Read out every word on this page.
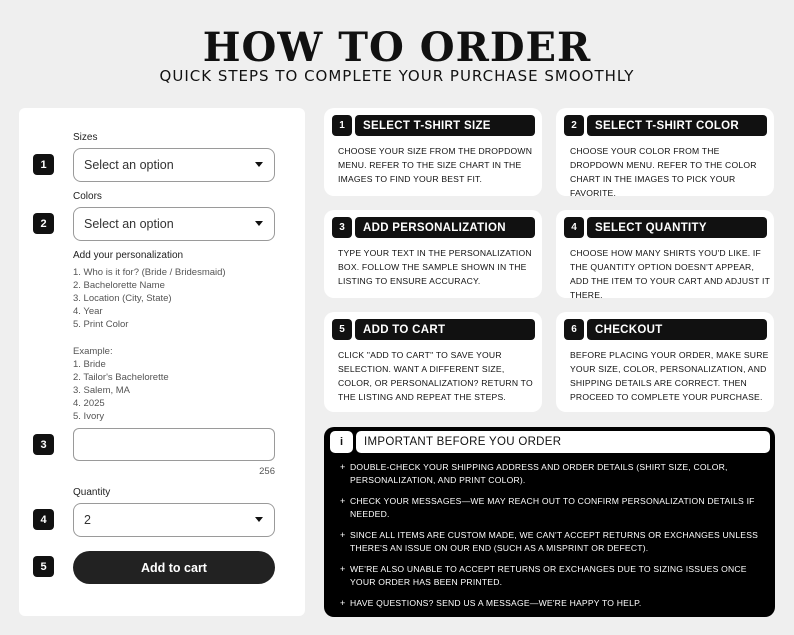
HOW TO ORDER
QUICK STEPS TO COMPLETE YOUR PURCHASE SMOOTHLY
1
Sizes
Select an option
2
Colors
Select an option
Add your personalization
1. Who is it for? (Bride / Bridesmaid)
2. Bachelorette Name
3. Location (City, State)
4. Year
5. Print Color
Example:
1. Bride
2. Tailor's Bachelorette
3. Salem, MA
4. 2025
5. Ivory
3
256
4
Quantity
2
5	Add to cart
1	SELECT T-SHIRT SIZE
CHOOSE YOUR SIZE FROM THE DROPDOWN MENU. REFER TO THE SIZE CHART IN THE IMAGES TO FIND YOUR BEST FIT.
2	SELECT T-SHIRT COLOR
CHOOSE YOUR COLOR FROM THE DROPDOWN MENU. REFER TO THE COLOR CHART IN THE IMAGES TO PICK YOUR FAVORITE.
3	ADD PERSONALIZATION
TYPE YOUR TEXT IN THE PERSONALIZATION BOX. FOLLOW THE SAMPLE SHOWN IN THE LISTING TO ENSURE ACCURACY.
4	SELECT QUANTITY
CHOOSE HOW MANY SHIRTS YOU'D LIKE. IF THE QUANTITY OPTION DOESN'T APPEAR, ADD THE ITEM TO YOUR CART AND ADJUST IT THERE.
5	ADD TO CART
CLICK "ADD TO CART" TO SAVE YOUR SELECTION. WANT A DIFFERENT SIZE, COLOR, OR PERSONALIZATION? RETURN TO THE LISTING AND REPEAT THE STEPS.
6	CHECKOUT
BEFORE PLACING YOUR ORDER, MAKE SURE YOUR SIZE, COLOR, PERSONALIZATION, AND SHIPPING DETAILS ARE CORRECT. THEN PROCEED TO COMPLETE YOUR PURCHASE.
i	IMPORTANT BEFORE YOU ORDER
+ DOUBLE-CHECK YOUR SHIPPING ADDRESS AND ORDER DETAILS (SHIRT SIZE, COLOR, PERSONALIZATION, AND PRINT COLOR).
+ CHECK YOUR MESSAGES—WE MAY REACH OUT TO CONFIRM PERSONALIZATION DETAILS IF NEEDED.
+ SINCE ALL ITEMS ARE CUSTOM MADE, WE CAN'T ACCEPT RETURNS OR EXCHANGES UNLESS THERE'S AN ISSUE ON OUR END (SUCH AS A MISPRINT OR DEFECT).
+ WE'RE ALSO UNABLE TO ACCEPT RETURNS OR EXCHANGES DUE TO SIZING ISSUES ONCE YOUR ORDER HAS BEEN PRINTED.
+ HAVE QUESTIONS? SEND US A MESSAGE—WE'RE HAPPY TO HELP.
